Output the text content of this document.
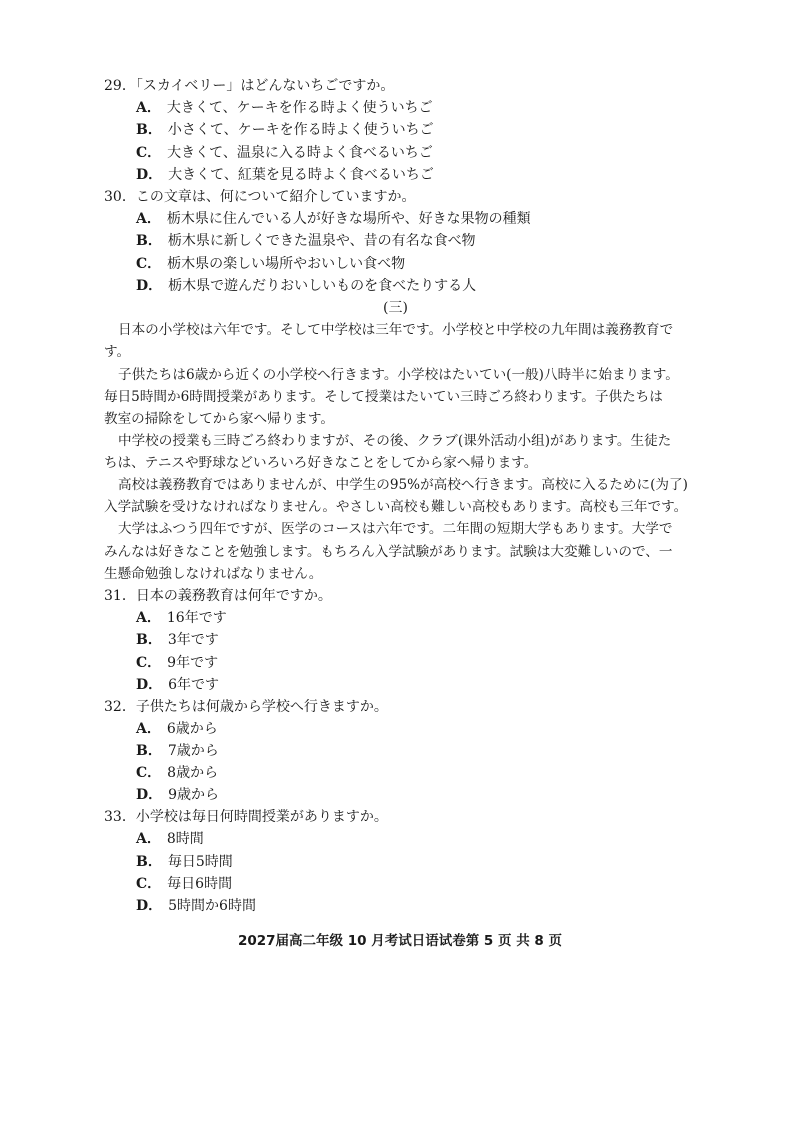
29．「スカイベリー」はどんないちごですか。
A． 大きくて、ケーキを作る時よく使ういちご
B． 小さくて、ケーキを作る時よく使ういちご
C． 大きくて、温泉に入る時よく食べるいちご
D． 大きくて、紅葉を見る時よく食べるいちご
30．この文章は、何について紹介していますか。
A． 栃木県に住んでいる人が好きな場所や、好きな果物の種類
B． 栃木県に新しくできた温泉や、昔の有名な食べ物
C． 栃木県の楽しい場所やおいしい食べ物
D． 栃木県で遊んだりおいしいものを食べたりする人
(三)
日本の小学校は六年です。そして中学校は三年です。小学校と中学校の九年間は義務教育で
す。
子供たちは6歳から近くの小学校へ行きます。小学校はたいてい(一般)八時半に始まります。
毎日5時間か6時間授業があります。そして授業はたいてい三時ごろ終わります。子供たちは
教室の掃除をしてから家へ帰ります。
中学校の授業も三時ごろ終わりますが、その後、クラブ(课外活动小组)があります。生徒た
ちは、テニスや野球などいろいろ好きなことをしてから家へ帰ります。
高校は義務教育ではありませんが、中学生の95%が高校へ行きます。高校に入るために(为了)
入学試験を受けなければなりません。やさしい高校も難しい高校もあります。高校も三年です。
大学はふつう四年ですが、医学のコースは六年です。二年間の短期大学もあります。大学で
みんなは好きなことを勉強します。もちろん入学試験があります。試験は大変難しいので、一
生懸命勉強しなければなりません。
31．日本の義務教育は何年ですか。
A． 16年です
B． 3年です
C． 9年です
D． 6年です
32．子供たちは何歳から学校へ行きますか。
A． 6歳から
B． 7歳から
C． 8歳から
D． 9歳から
33．小学校は毎日何時間授業がありますか。
A． 8時間
B． 毎日5時間
C． 毎日6時間
D． 5時間か6時間
2027届高二年级 10 月考试日语试卷第 5 页 共 8 页
